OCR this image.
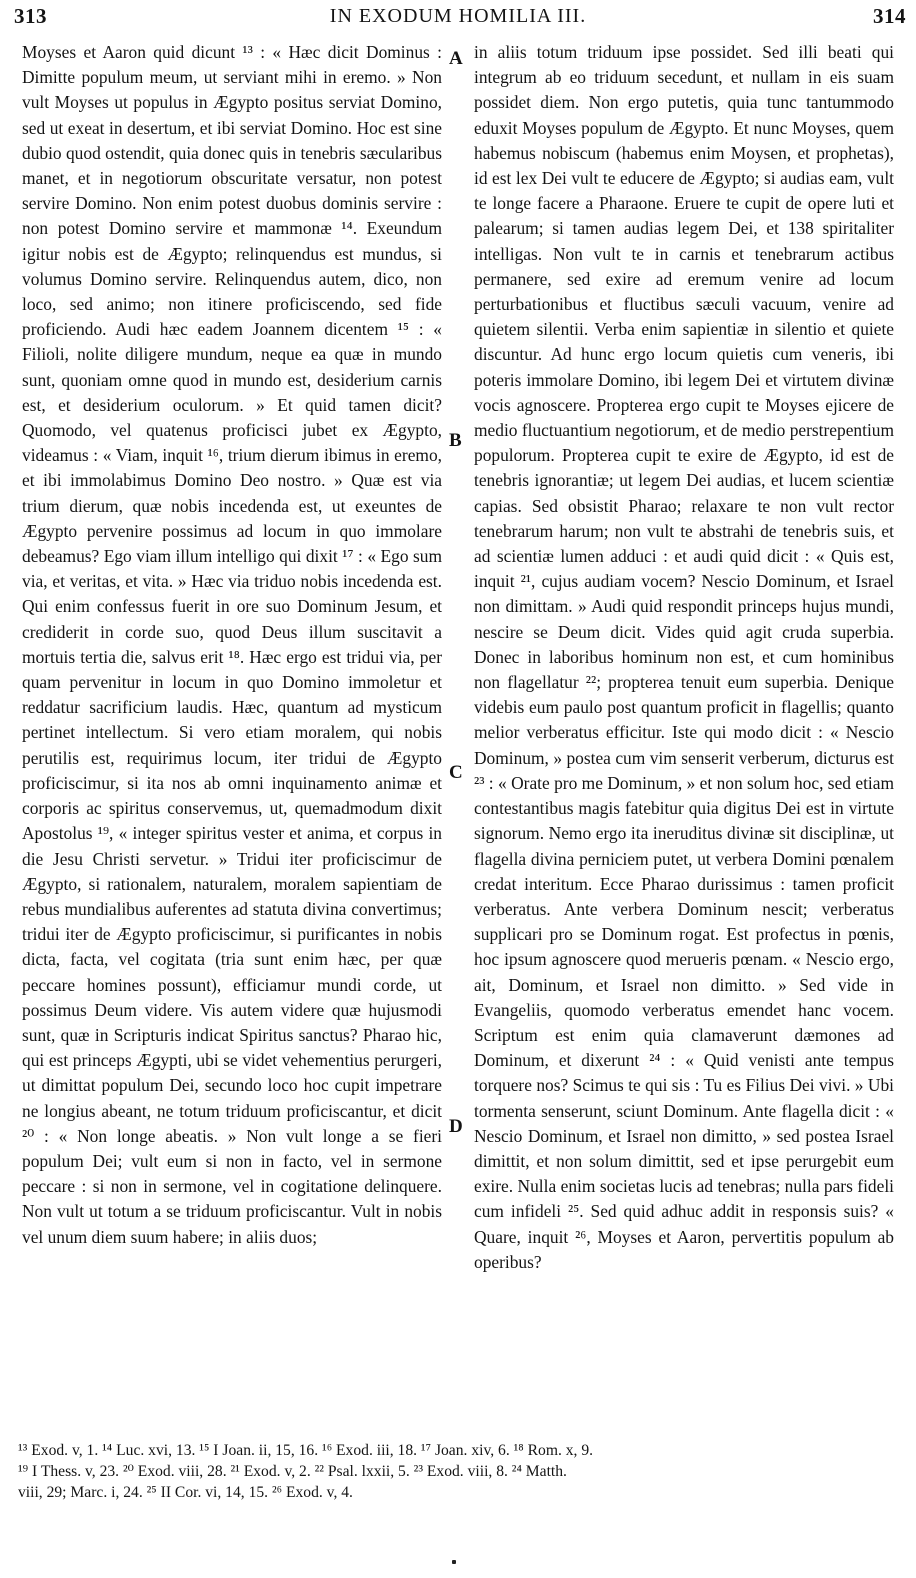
313	IN EXODUM HOMILIA III.	314

Moyses et Aaron quid dicunt ¹³ : « Hæc dicit Dominus : Dimitte populum meum, ut serviant mihi in eremo. » Non vult Moyses ut populus in Ægypto positus serviat Domino, sed ut exeat in desertum, et ibi serviat Domino. Hoc est sine dubio quod ostendit, quia donec quis in tenebris sæcularibus manet, et in negotiorum obscuritate versatur, non potest servire Domino. Non enim potest duobus dominis servire : non potest Domino servire et mammonæ ¹⁴. Exeundum igitur nobis est de Ægypto; relinquendus est mundus, si volumus Domino servire. Relinquendus autem, dico, non loco, sed animo; non itinere proficiscendo, sed fide proficiendo. Audi hæc eadem Joannem dicentem ¹⁵ : « Filioli, nolite diligere mundum, neque ea quæ in mundo sunt, quoniam omne quod in mundo est, desiderium carnis est, et desiderium oculorum. » Et quid tamen dicit? Quomodo, vel quatenus proficisci jubet ex Ægypto, videamus : « Viam, inquit ¹⁶, trium dierum ibimus in eremo, et ibi immolabimus Domino Deo nostro. » Quæ est via trium dierum, quæ nobis incedenda est, ut exeuntes de Ægypto pervenire possimus ad locum in quo immolare debeamus? Ego viam illum intelligo qui dixit ¹⁷ : « Ego sum via, et veritas, et vita. » Hæc via triduo nobis incedenda est. Qui enim confessus fuerit in ore suo Dominum Jesum, et crediderit in corde suo, quod Deus illum suscitavit a mortuis tertia die, salvus erit ¹⁸. Hæc ergo est tridui via, per quam pervenitur in locum in quo Domino immoletur et reddatur sacrificium laudis. Hæc, quantum ad mysticum pertinet intellectum. Si vero etiam moralem, qui nobis perutilis est, requirimus locum, iter tridui de Ægypto proficiscimur, si ita nos ab omni inquinamento animæ et corporis ac spiritus conservemus, ut, quemadmodum dixit Apostolus ¹⁹, « integer spiritus vester et anima, et corpus in die Jesu Christi servetur. » Tridui iter proficiscimur de Ægypto, si rationalem, naturalem, moralem sapientiam de rebus mundialibus auferentes ad statuta divina convertimus; tridui iter de Ægypto proficiscimur, si purificantes in nobis dicta, facta, vel cogitata (tria sunt enim hæc, per quæ peccare homines possunt), efficiamur mundi corde, ut possimus Deum videre. Vis autem videre quæ hujusmodi sunt, quæ in Scripturis indicat Spiritus sanctus? Pharao hic, qui est princeps Ægypti, ubi se videt vehementius perurgeri, ut dimittat populum Dei, secundo loco hoc cupit impetrare ne longius abeant, ne totum triduum proficiscantur, et dicit ²⁰ : « Non longe abeatis. » Non vult longe a se fieri populum Dei; vult eum si non in facto, vel in sermone peccare : si non in sermone, vel in cogitatione delinquere. Non vult ut totum a se triduum proficiscantur. Vult in nobis vel unum diem suum habere; in aliis duos;

in aliis totum triduum ipse possidet. Sed illi beati qui integrum ab eo triduum secedunt, et nullam in eis suam possidet diem. Non ergo putetis, quia tunc tantummodo eduxit Moyses populum de Ægypto. Et nunc Moyses, quem habemus nobiscum (habemus enim Moysen, et prophetas), id est lex Dei vult te educere de Ægypto; si audias eam, vult te longe facere a Pharaone. Eruere te cupit de opere luti et palearum; si tamen audias legem Dei, et 138 spiritaliter intelligas. Non vult te in carnis et tenebrarum actibus permanere, sed exire ad eremum venire ad locum perturbationibus et fluctibus sæculi vacuum, venire ad quietem silentii. Verba enim sapientiæ in silentio et quiete discuntur. Ad hunc ergo locum quietis cum veneris, ibi poteris immolare Domino, ibi legem Dei et virtutem divinæ vocis agnoscere. Propterea ergo cupit te Moyses ejicere de medio fluctuantium negotiorum, et de medio perstrepentium populorum. Propterea cupit te exire de Ægypto, id est de tenebris ignorantiæ; ut legem Dei audias, et lucem scientiæ capias. Sed obsistit Pharao; relaxare te non vult rector tenebrarum harum; non vult te abstrahi de tenebris suis, et ad scientiæ lumen adduci : et audi quid dicit : « Quis est, inquit ²¹, cujus audiam vocem? Nescio Dominum, et Israel non dimittam. » Audi quid respondit princeps hujus mundi, nescire se Deum dicit. Vides quid agit cruda superbia. Donec in laboribus hominum non est, et cum hominibus non flagellatur ²²; propterea tenuit eum superbia. Denique videbis eum paulo post quantum proficit in flagellis; quanto melior verberatus efficitur. Iste qui modo dicit : « Nescio Dominum, » postea cum vim senserit verberum, dicturus est ²³ : « Orate pro me Dominum, » et non solum hoc, sed etiam contestantibus magis fatebitur quia digitus Dei est in virtute signorum. Nemo ergo ita ineruditus divinæ sit disciplinæ, ut flagella divina perniciem putet, ut verbera Domini pœnalem credat interitum. Ecce Pharao durissimus : tamen proficit verberatus. Ante verbera Dominum nescit; verberatus supplicari pro se Dominum rogat. Est profectus in pœnis, hoc ipsum agnoscere quod merueris pœnam. « Nescio ergo, ait, Dominum, et Israel non dimitto. » Sed vide in Evangeliis, quomodo verberatus emendet hanc vocem. Scriptum est enim quia clamaverunt dæmones ad Dominum, et dixerunt ²⁴ : « Quid venisti ante tempus torquere nos? Scimus te qui sis : Tu es Filius Dei vivi. » Ubi tormenta senserunt, sciunt Dominum. Ante flagella dicit : « Nescio Dominum, et Israel non dimitto, » sed postea Israel dimittit, et non solum dimittit, sed et ipse perurgebit eum exire. Nulla enim societas lucis ad tenebras; nulla pars fideli cum infideli ²⁵. Sed quid adhuc addit in responsis suis? « Quare, inquit ²⁶, Moyses et Aaron, pervertitis populum ab operibus?

A
B
C
D
¹³ Exod. v, 1. ¹⁴ Luc. xvi, 13. ¹⁵ I Joan. ii, 15, 16. ¹⁶ Exod. iii, 18. ¹⁷ Joan. xiv, 6. ¹⁸ Rom. x, 9.
¹⁹ I Thess. v, 23. ²⁰ Exod. viii, 28. ²¹ Exod. v, 2. ²² Psal. lxxii, 5. ²³ Exod. viii, 8. ²⁴ Matth.
viii, 29; Marc. i, 24. ²⁵ II Cor. vi, 14, 15. ²⁶ Exod. v, 4.
